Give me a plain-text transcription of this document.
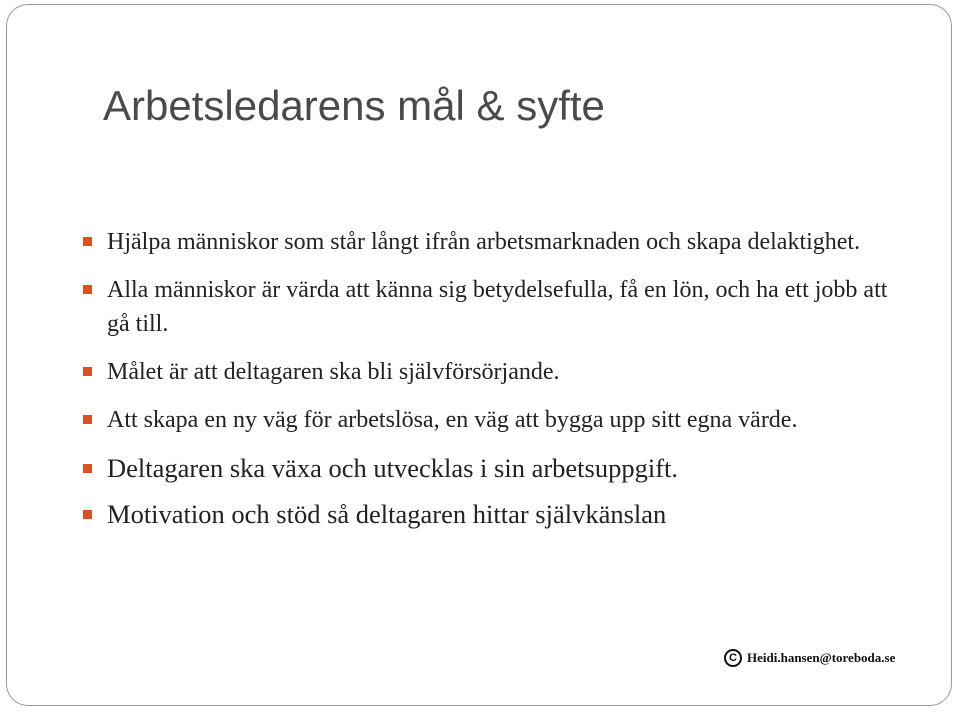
Arbetsledarens mål & syfte
Hjälpa människor som står långt ifrån arbetsmarknaden och skapa delaktighet.
Alla människor är värda att känna sig betydelsefulla, få en lön, och ha ett jobb att gå till.
Målet är att deltagaren ska bli självförsörjande.
Att skapa en ny väg för arbetslösa, en väg att bygga upp sitt egna värde.
Deltagaren ska växa och utvecklas i sin arbetsuppgift.
Motivation och stöd så deltagaren hittar självkänslan
C Heidi.hansen@toreboda.se
